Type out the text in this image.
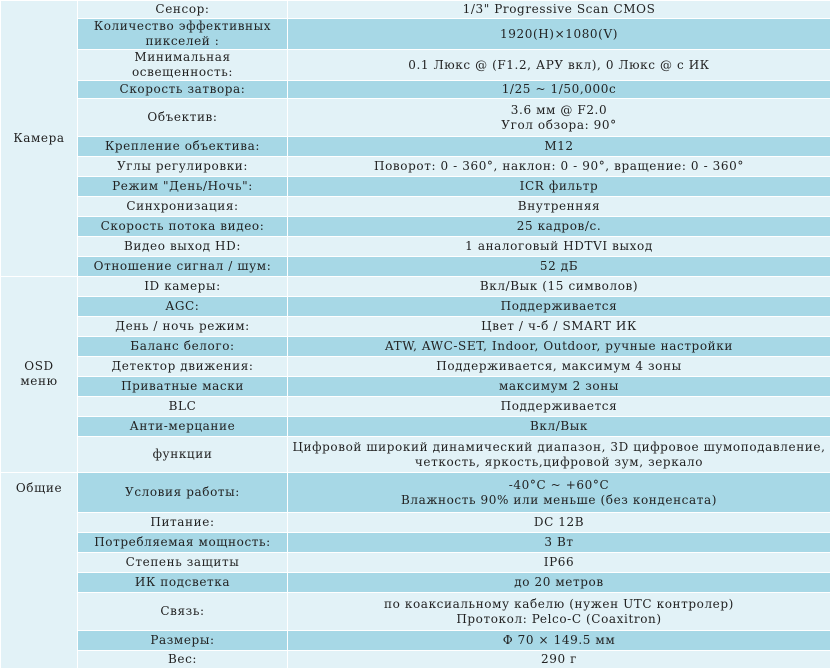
Камера	Сенсор:	1/3" Progressive Scan CMOS
	Количество эффективных
пикселей :	1920(H)×1080(V)
	Минимальная
освещенность:	0.1 Люкс @ (F1.2, АРУ вкл), 0 Люкс @ с ИК
	Скорость затвора:	1/25 ~ 1/50,000с
	Объектив:	3.6 мм @ F2.0
Угол обзора: 90°
	Крепление объектива:	M12
	Углы регулировки:	Поворот: 0 - 360°, наклон: 0 - 90°, вращение: 0 - 360°
	Режим "День/Ночь":	ICR фильтр
	Синхронизация:	Внутренняя
	Скорость потока видео:	25 кадров/с.
	Видео выход HD:	1 аналоговый HDTVI выход
	Отношение сигнал / шум:	52 дБ

OSD
меню	ID камеры:	Вкл/Вык (15 символов)
	AGC:	Поддерживается
	День / ночь режим:	Цвет / ч-б / SMART ИК
	Баланс белого:	ATW, AWC-SET, Indoor, Outdoor, ручные настройки
	Детектор движения:	Поддерживается, максимум 4 зоны
	Приватные маски	максимум 2 зоны
	BLC	Поддерживается
	Анти-мерцание	Вкл/Вык
	функции	Цифровой широкий динамический диапазон, 3D цифровое шумоподавление,
четкость, яркость,цифровой зум, зеркало

Общие	Условия работы:	-40°C ~ +60°C
Влажность 90% или меньше (без конденсата)
	Питание:	DC 12В
	Потребляемая мощность:	3 Вт
	Степень защиты	IP66
	ИК подсветка	до 20 метров
	Связь:	по коаксиальному кабелю (нужен UTC контролер)
Протокол: Pelco-C (Coaxitron)
	Размеры:	Ф 70 × 149.5 мм
	Вес:	290 г
